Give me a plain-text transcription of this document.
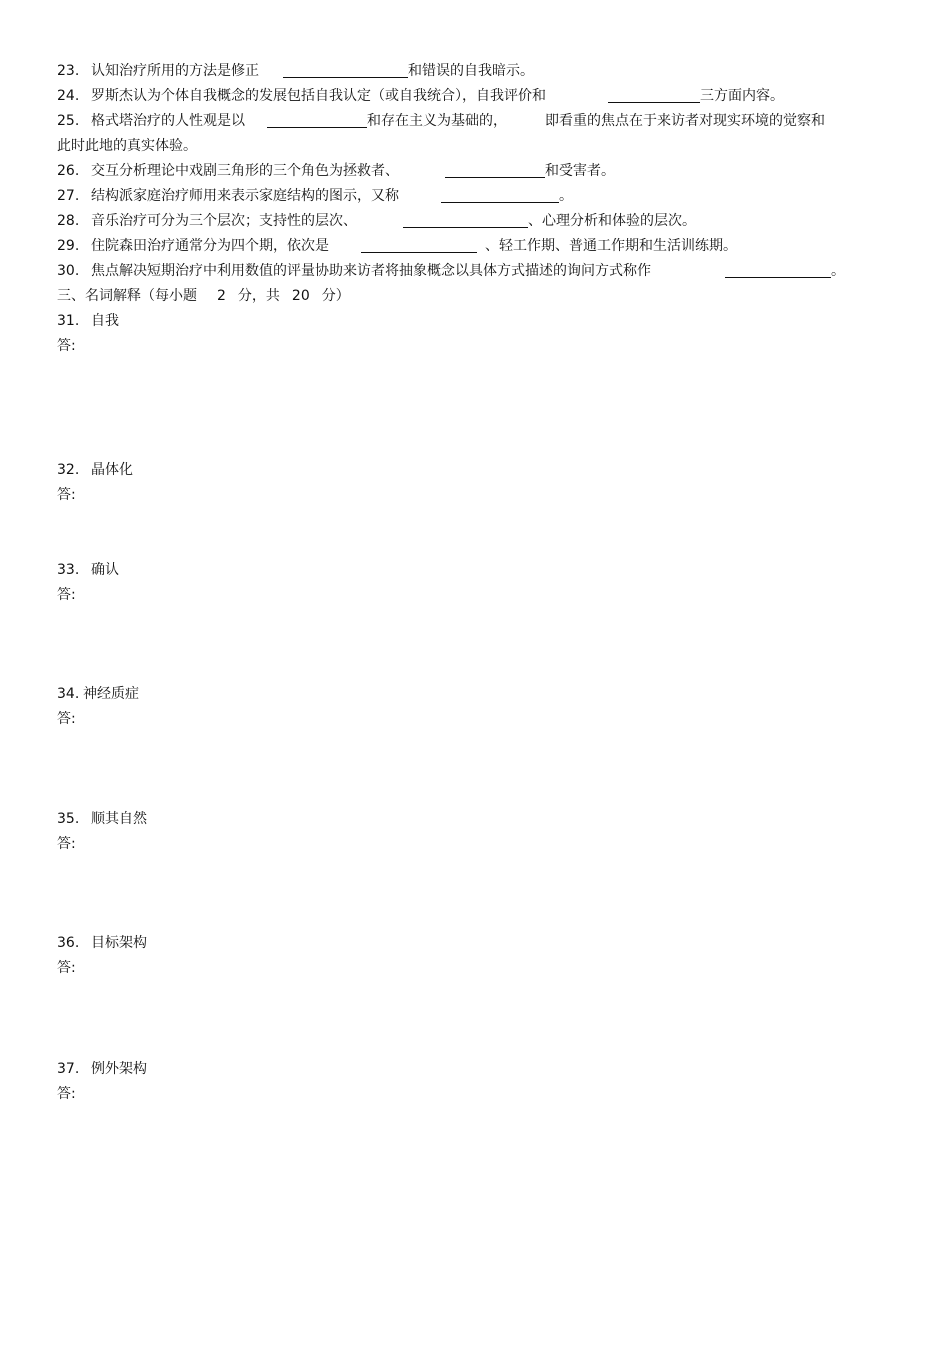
23. 认知治疗所用的方法是修正	和错误的自我暗示。
24. 罗斯杰认为个体自我概念的发展包括自我认定（或自我统合），自我评价和	三方面内容。
25. 格式塔治疗的人性观是以	和存在主义为基础的，	即看重的焦点在于来访者对现实环境的觉察和
此时此地的真实体验。
26. 交互分析理论中戏剧三角形的三个角色为拯救者、	和受害者。
27. 结构派家庭治疗师用来表示家庭结构的图示，又称	。
28. 音乐治疗可分为三个层次；支持性的层次、	、心理分析和体验的层次。
29. 住院森田治疗通常分为四个期，依次是	、轻工作期、普通工作期和生活训练期。
30. 焦点解决短期治疗中利用数值的评量协助来访者将抽象概念以具体方式描述的询问方式称作	。
三、名词解释（每小题 2 分，共 20 分）
31. 自我
答:
32. 晶体化
答:
33. 确认
答:
34. 神经质症
答:
35. 顺其自然
答:
36. 目标架构
答:
37. 例外架构
答:
